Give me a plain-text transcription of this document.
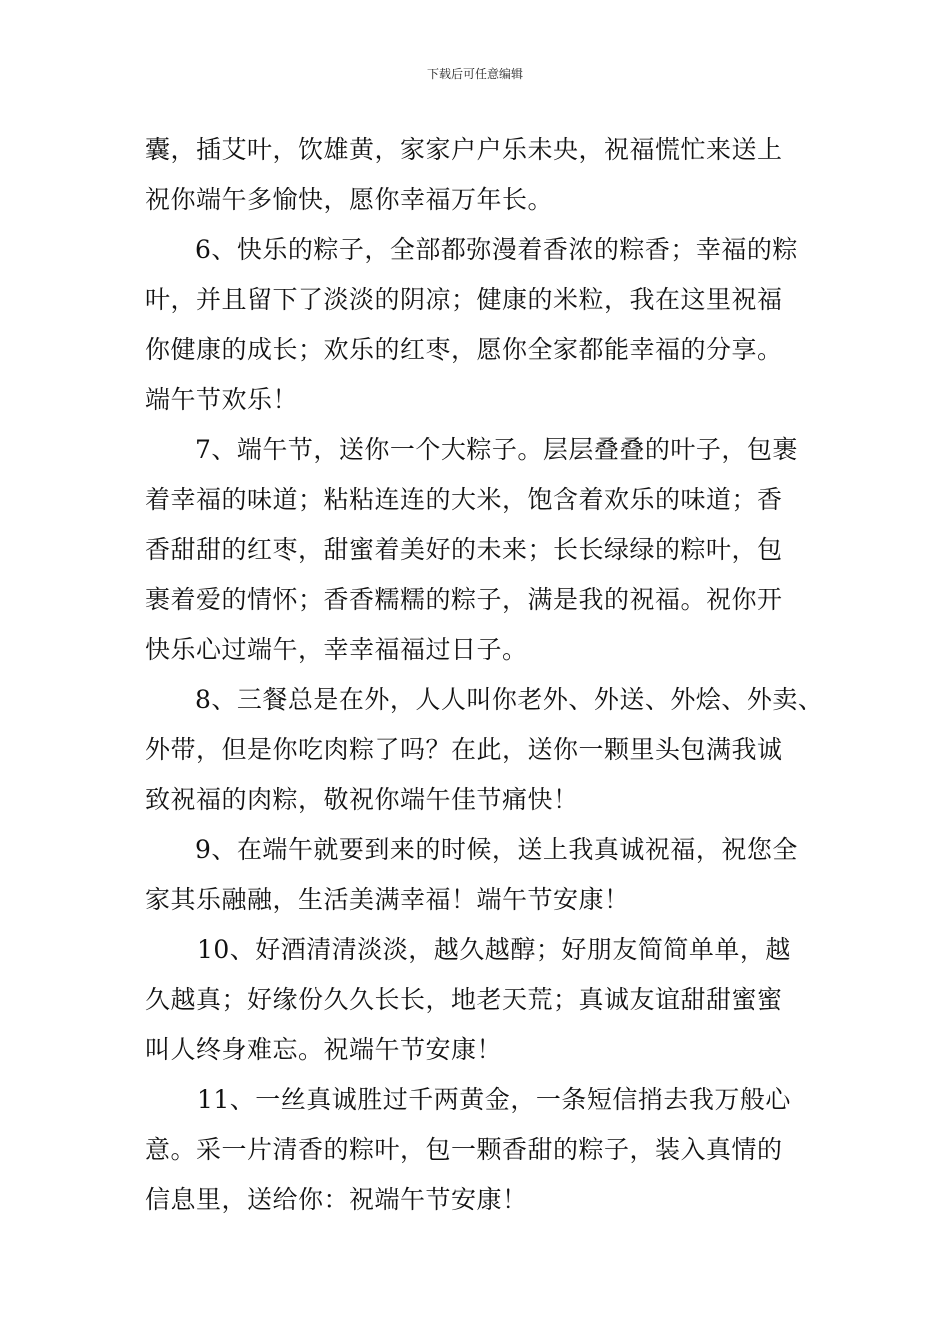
下载后可任意编辑
囊，插艾叶，饮雄黄，家家户户乐未央，祝福慌忙来送上
祝你端午多愉快，愿你幸福万年长。
6、快乐的粽子，全部都弥漫着香浓的粽香；幸福的粽
叶，并且留下了淡淡的阴凉；健康的米粒，我在这里祝福
你健康的成长；欢乐的红枣，愿你全家都能幸福的分享。
端午节欢乐！
7、端午节，送你一个大粽子。层层叠叠的叶子，包裹
着幸福的味道；粘粘连连的大米，饱含着欢乐的味道；香
香甜甜的红枣，甜蜜着美好的未来；长长绿绿的粽叶，包
裹着爱的情怀；香香糯糯的粽子，满是我的祝福。祝你开
快乐心过端午，幸幸福福过日子。
8、三餐总是在外，人人叫你老外、外送、外烩、外卖、
外带，但是你吃肉粽了吗？在此，送你一颗里头包满我诚
致祝福的肉粽，敬祝你端午佳节痛快！
9、在端午就要到来的时候，送上我真诚祝福，祝您全
家其乐融融，生活美满幸福！端午节安康！
10、好酒清清淡淡，越久越醇；好朋友简简单单，越
久越真；好缘份久久长长，地老天荒；真诚友谊甜甜蜜蜜
叫人终身难忘。祝端午节安康！
11、一丝真诚胜过千两黄金，一条短信捎去我万般心
意。采一片清香的粽叶，包一颗香甜的粽子，装入真情的
信息里，送给你：祝端午节安康！
